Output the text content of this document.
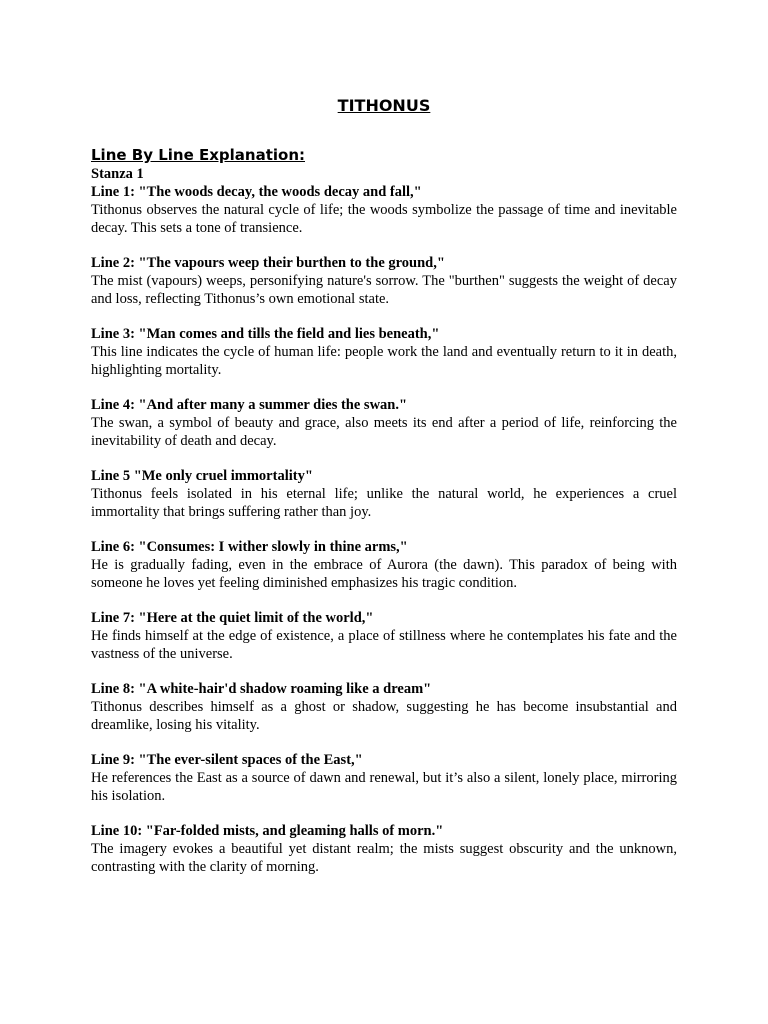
TITHONUS
Line By Line Explanation:

Stanza 1

Line 1: "The woods decay, the woods decay and fall,"

Tithonus observes the natural cycle of life; the woods symbolize the passage of time and inevitable decay. This sets a tone of transience.

Line 2: "The vapours weep their burthen to the ground,"

The mist (vapours) weeps, personifying nature's sorrow. The "burthen" suggests the weight of decay and loss, reflecting Tithonus’s own emotional state.

Line 3: "Man comes and tills the field and lies beneath,"

This line indicates the cycle of human life: people work the land and eventually return to it in death, highlighting mortality.

Line 4: "And after many a summer dies the swan."

The swan, a symbol of beauty and grace, also meets its end after a period of life, reinforcing the inevitability of death and decay.

Line 5 "Me only cruel immortality"

Tithonus feels isolated in his eternal life; unlike the natural world, he experiences a cruel immortality that brings suffering rather than joy.

Line 6: "Consumes: I wither slowly in thine arms,"

He is gradually fading, even in the embrace of Aurora (the dawn). This paradox of being with someone he loves yet feeling diminished emphasizes his tragic condition.

Line 7: "Here at the quiet limit of the world,"

He finds himself at the edge of existence, a place of stillness where he contemplates his fate and the vastness of the universe.

Line 8: "A white-hair'd shadow roaming like a dream"

Tithonus describes himself as a ghost or shadow, suggesting he has become insubstantial and dreamlike, losing his vitality.

Line 9: "The ever-silent spaces of the East,"

He references the East as a source of dawn and renewal, but it’s also a silent, lonely place, mirroring his isolation.

Line 10: "Far-folded mists, and gleaming halls of morn."

The imagery evokes a beautiful yet distant realm; the mists suggest obscurity and the unknown, contrasting with the clarity of morning.
